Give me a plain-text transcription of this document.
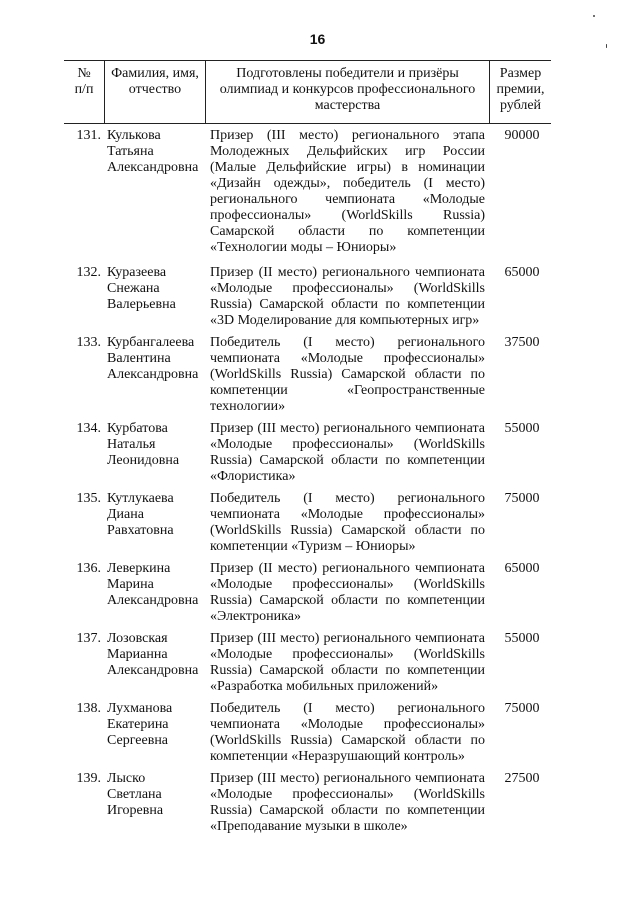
16
№
п/п
Фамилия, имя,
отчество
Подготовлены победители и призёры
олимпиад и конкурсов профессионального
мастерства
Размер
премии,
рублей
131. Кулькова
Татьяна
Александровна
Призер (III место) регионального этапа
Молодежных Дельфийских игр России
(Малые Дельфийские игры) в номинации
«Дизайн одежды», победитель (I место)
регионального чемпионата «Молодые
профессионалы» (WorldSkills Russia)
Самарской области по компетенции
«Технологии моды – Юниоры»
90000
132. Куразеева
Снежана
Валерьевна
Призер (II место) регионального чемпионата
«Молодые профессионалы» (WorldSkills
Russia) Самарской области по компетенции
«3D Моделирование для компьютерных игр»
65000
133. Курбангалеева
Валентина
Александровна
Победитель (I место) регионального
чемпионата «Молодые профессионалы»
(WorldSkills Russia) Самарской области по
компетенции «Геопространственные
технологии»
37500
134. Курбатова
Наталья
Леонидовна
Призер (III место) регионального чемпионата
«Молодые профессионалы» (WorldSkills
Russia) Самарской области по компетенции
«Флористика»
55000
135. Кутлукаева
Диана
Равхатовна
Победитель (I место) регионального
чемпионата «Молодые профессионалы»
(WorldSkills Russia) Самарской области по
компетенции «Туризм – Юниоры»
75000
136. Леверкина
Марина
Александровна
Призер (II место) регионального чемпионата
«Молодые профессионалы» (WorldSkills
Russia) Самарской области по компетенции
«Электроника»
65000
137. Лозовская
Марианна
Александровна
Призер (III место) регионального чемпионата
«Молодые профессионалы» (WorldSkills
Russia) Самарской области по компетенции
«Разработка мобильных приложений»
55000
138. Лухманова
Екатерина
Сергеевна
Победитель (I место) регионального
чемпионата «Молодые профессионалы»
(WorldSkills Russia) Самарской области по
компетенции «Неразрушающий контроль»
75000
139. Лыско
Светлана
Игоревна
Призер (III место) регионального чемпионата
«Молодые профессионалы» (WorldSkills
Russia) Самарской области по компетенции
«Преподавание музыки в школе»
27500
